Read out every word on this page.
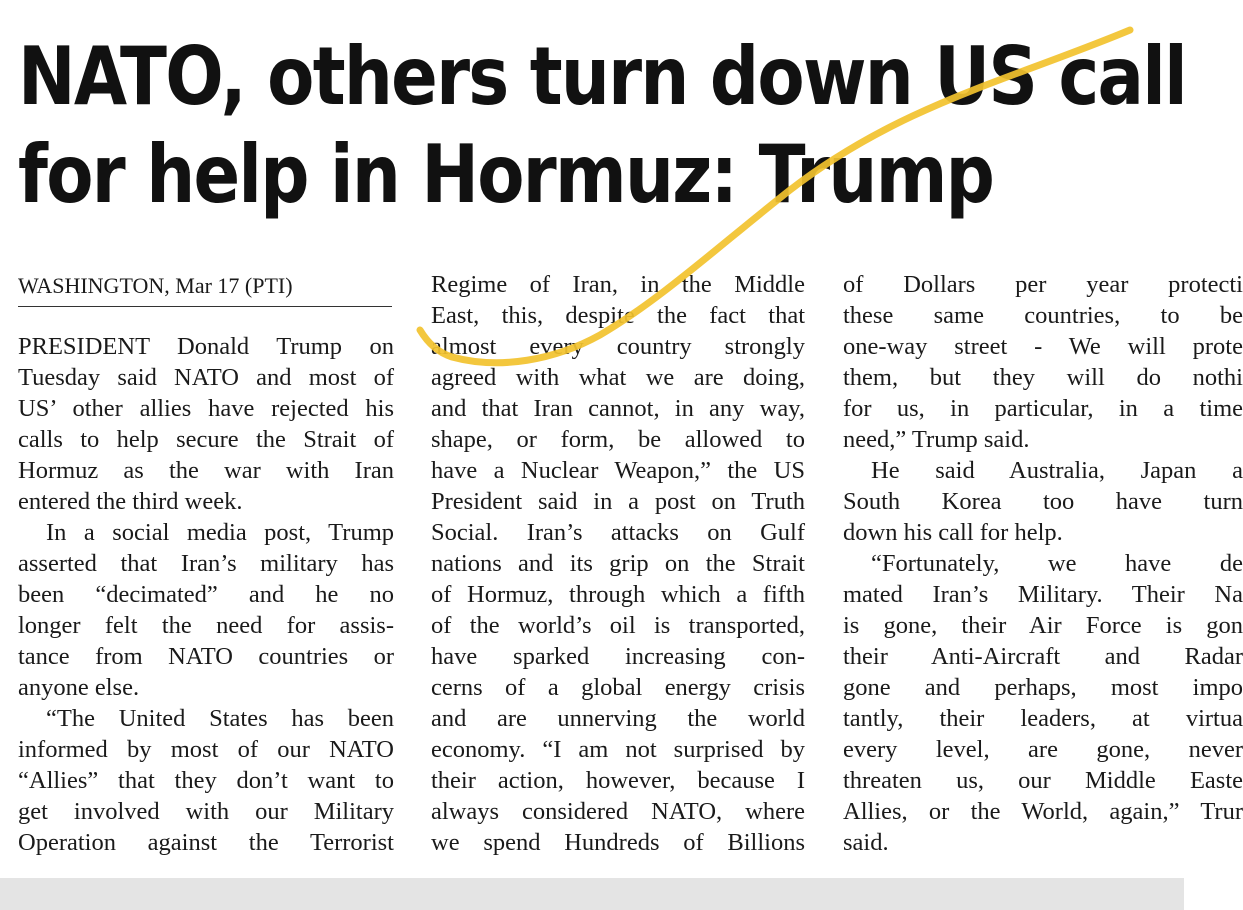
NATO, others turn down US call
for help in Hormuz: Trump
WASHINGTON, Mar 17 (PTI)
PRESIDENT Donald Trump on
Tuesday said NATO and most of
US’ other allies have rejected his
calls to help secure the Strait of
Hormuz as the war with Iran
entered the third week.
In a social media post, Trump
asserted that Iran’s military has
been “decimated” and he no
longer felt the need for assis-
tance from NATO countries or
anyone else.
“The United States has been
informed by most of our NATO
“Allies” that they don’t want to
get involved with our Military
Operation against the Terrorist
Regime of Iran, in the Middle
East, this, despite the fact that
almost every country strongly
agreed with what we are doing,
and that Iran cannot, in any way,
shape, or form, be allowed to
have a Nuclear Weapon,” the US
President said in a post on Truth
Social. Iran’s attacks on Gulf
nations and its grip on the Strait
of Hormuz, through which a fifth
of the world’s oil is transported,
have sparked increasing con-
cerns of a global energy crisis
and are unnerving the world
economy. “I am not surprised by
their action, however, because I
always considered NATO, where
we spend Hundreds of Billions
of Dollars per year protecti
these same countries, to be
one-way street - We will prote
them, but they will do nothi
for us, in particular, in a time
need,” Trump said.
He said Australia, Japan a
South Korea too have turn
down his call for help.
“Fortunately, we have de
mated Iran’s Military. Their Na
is gone, their Air Force is gon
their Anti-Aircraft and Radar
gone and perhaps, most impo
tantly, their leaders, at virtua
every level, are gone, never
threaten us, our Middle Easte
Allies, or the World, again,” Trur
said.
